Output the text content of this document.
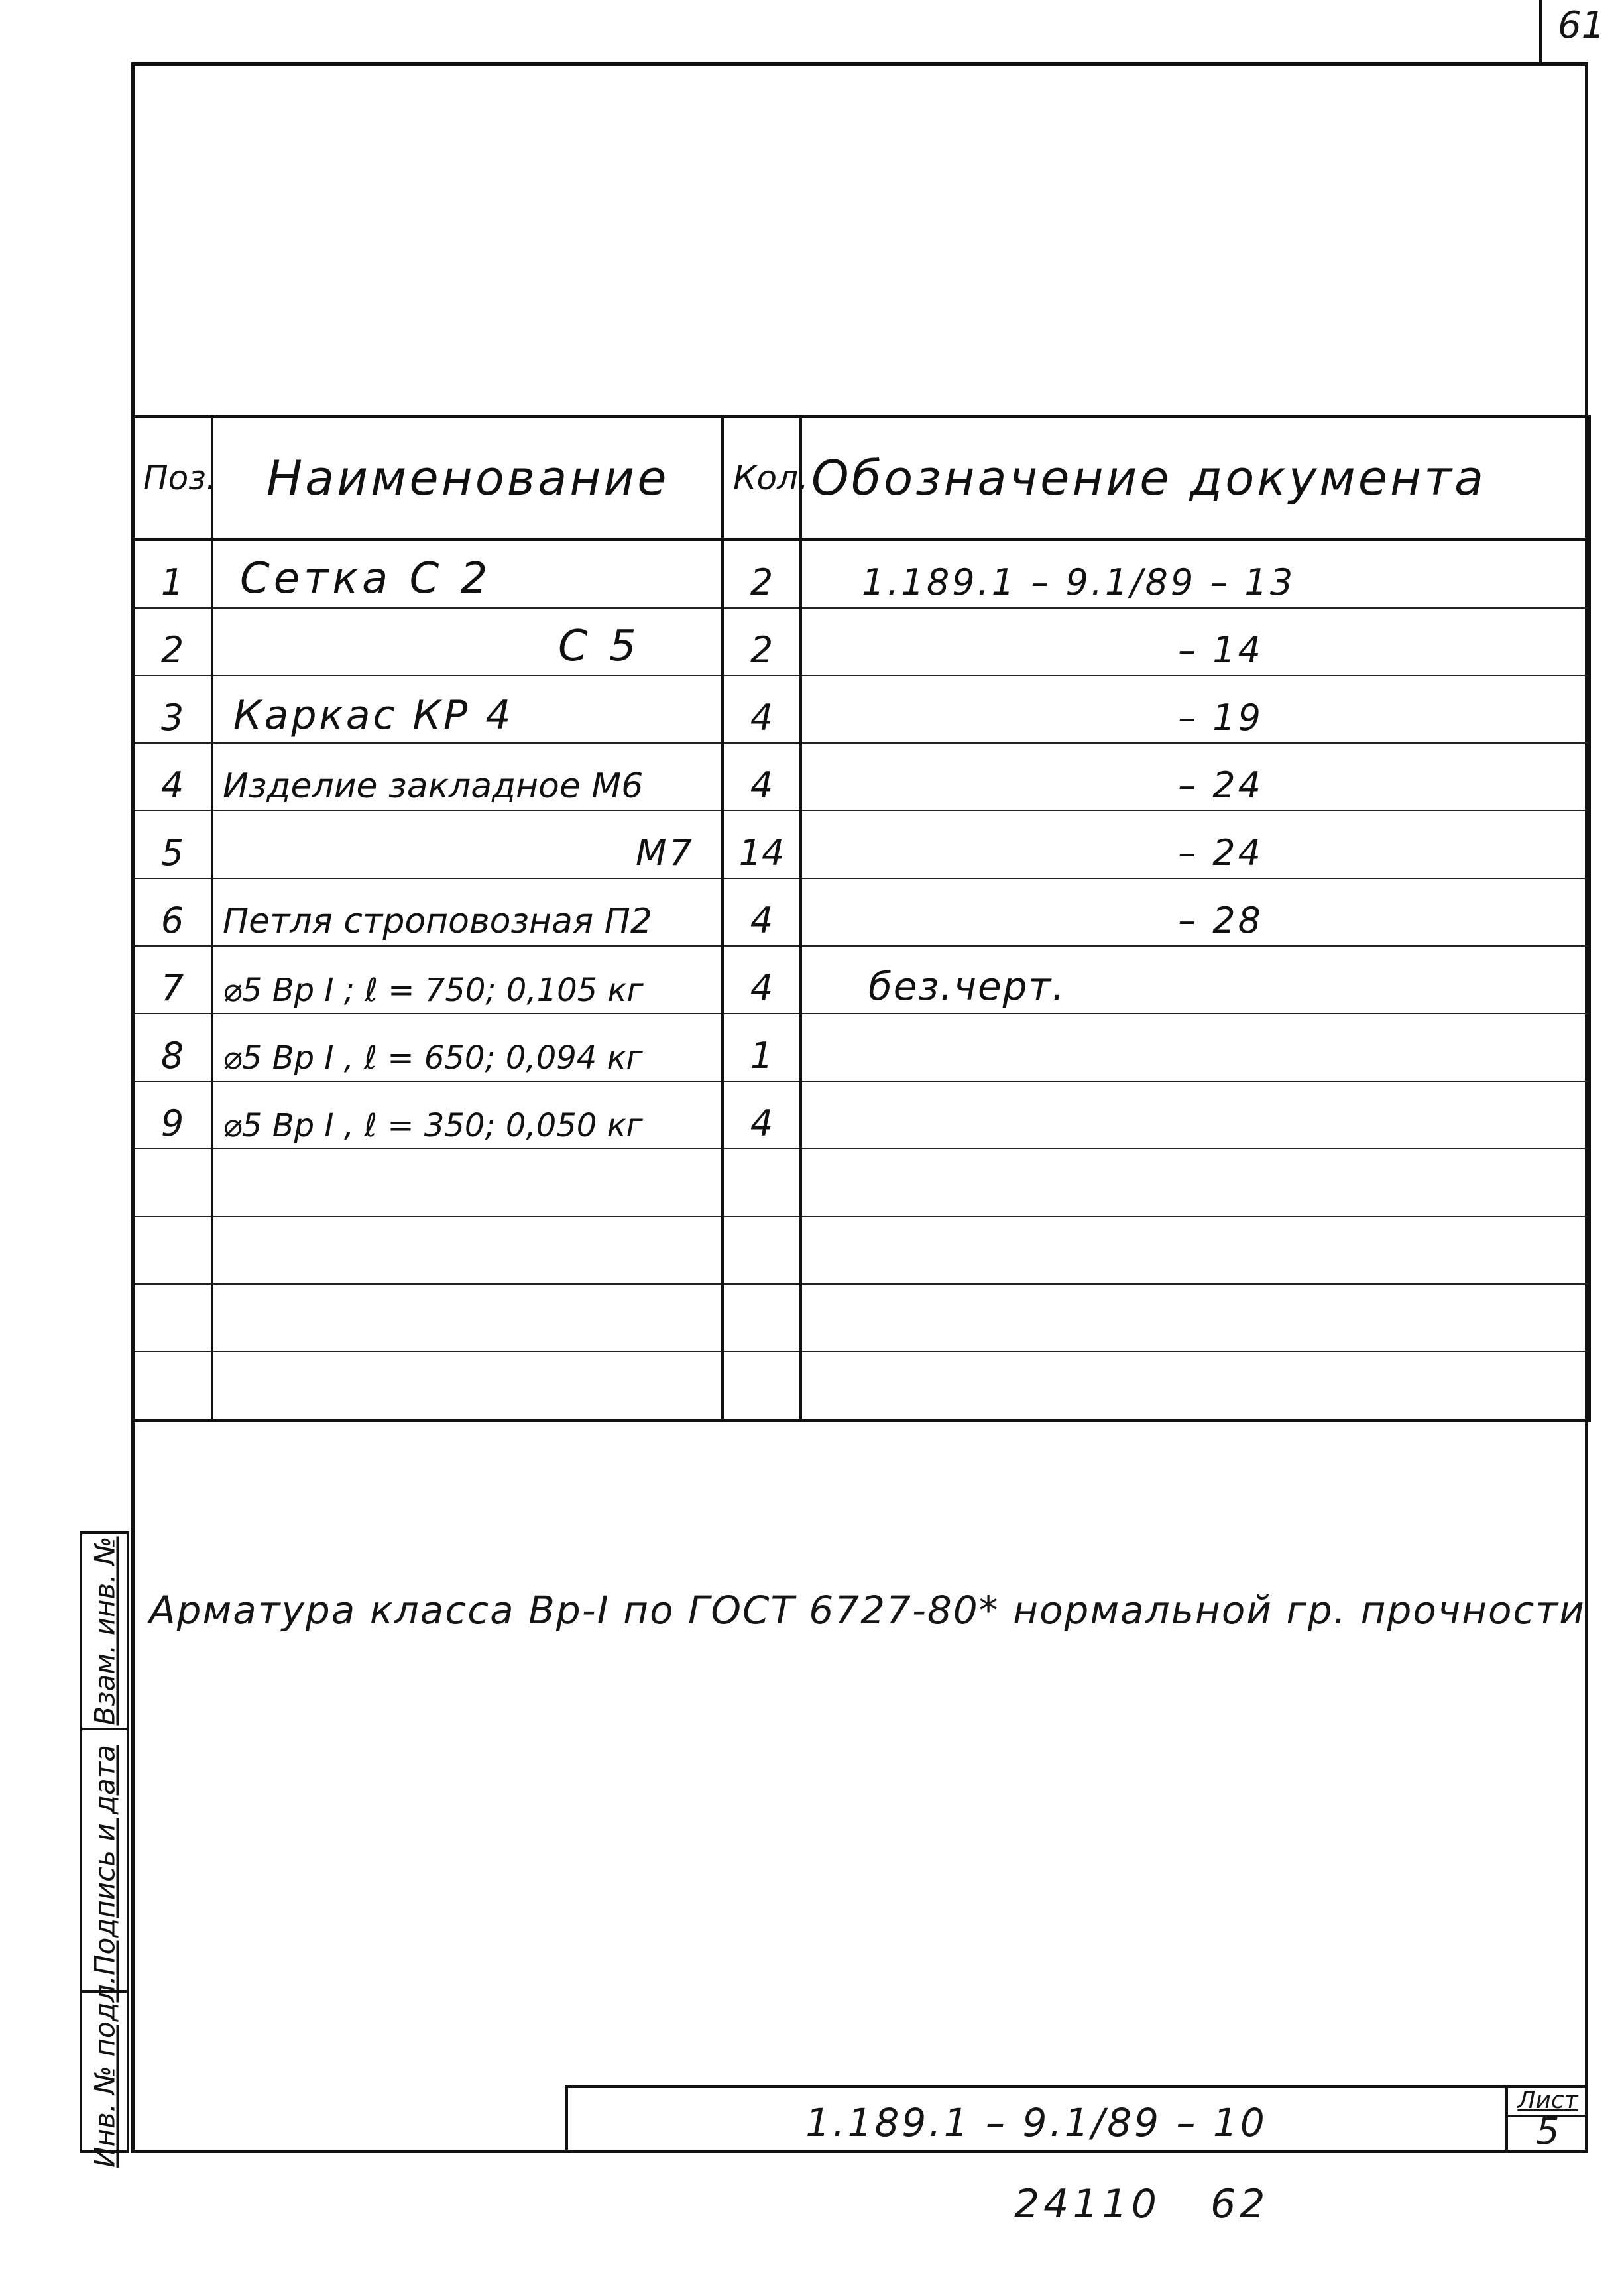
61
Поз.	Наименование	Кол.	Обозначение документа
1	Сетка С 2	2	1.189.1 – 9.1/89 – 13
2	С 5	2	– 14
3	Каркас КР 4	4	– 19
4	Изделие закладное М6	4	– 24
5	М7	14	– 24
6	Петля строповозная П2	4	– 28
7	⌀5 Вр I ; ℓ = 750; 0,105 кг	4	без.черт.
8	⌀5 Вр I , ℓ = 650; 0,094 кг	1	
9	⌀5 Вр I , ℓ = 350; 0,050 кг	4	

Арматура класса Вр-I по ГОСТ 6727-80* нормальной гр. прочности
1.189.1 – 9.1/89 – 10	Лист
5
Взам. инв. №
Подпись и дата
Инв. № подл.
24110   62
